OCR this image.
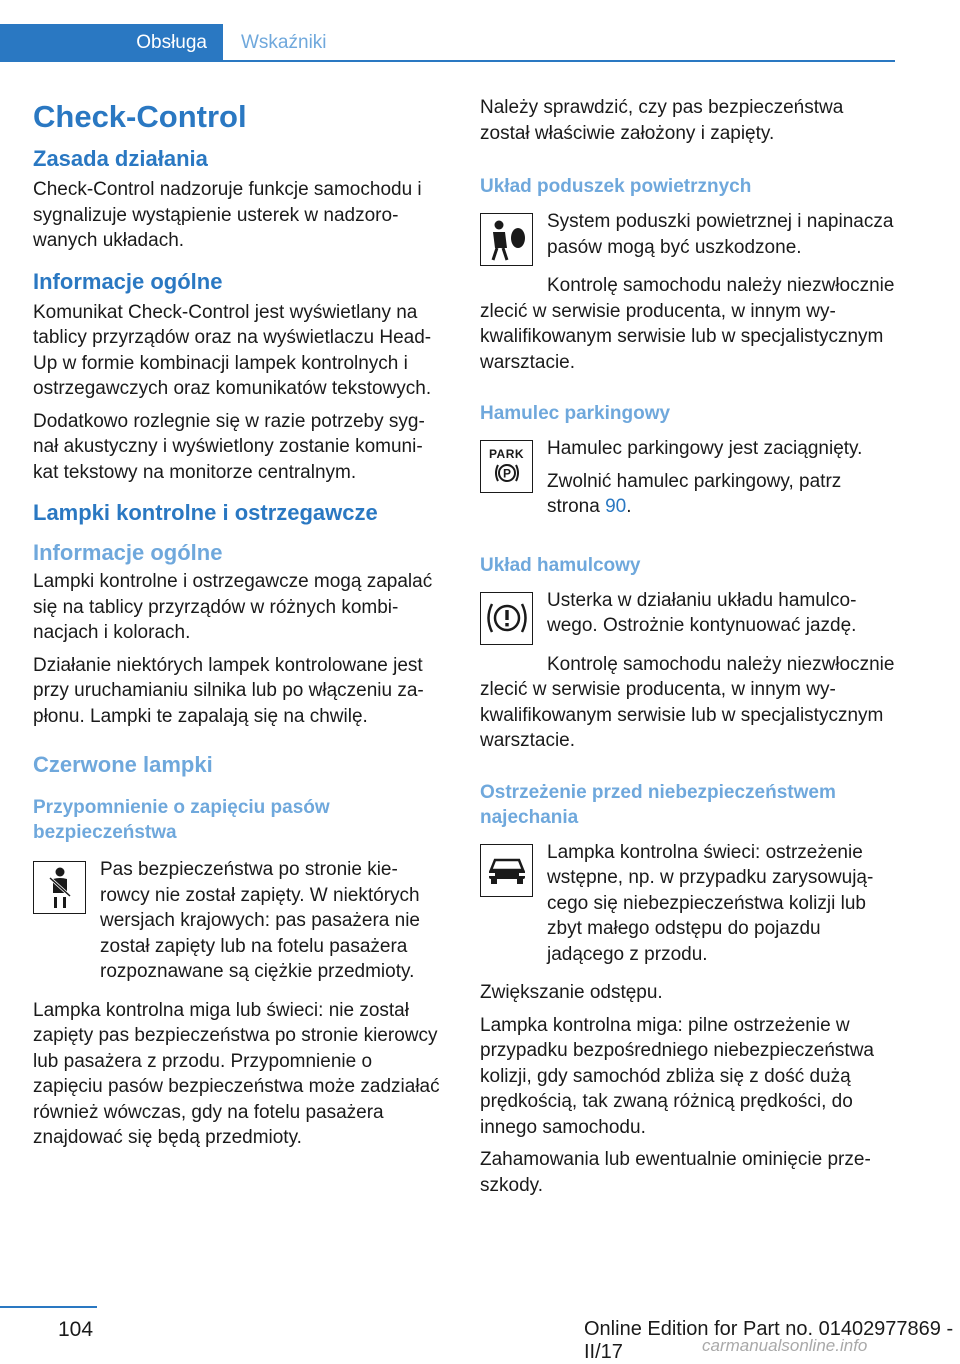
Obsługa	Wskaźniki
Check-Control
Zasada działania

Check-Control nadzoruje funkcje samochodu i sygnalizuje wystąpienie usterek w nadzorowanych układach.

Informacje ogólne

Komunikat Check-Control jest wyświetlany na tablicy przyrządów oraz na wyświetlaczu Head-Up w formie kombinacji lampek kontrolnych i ostrzegawczych oraz komunikatów tekstowych.

Dodatkowo rozlegnie się w razie potrzeby sygnał akustyczny i wyświetlony zostanie komunikat tekstowy na monitorze centralnym.

Lampki kontrolne i ostrzegawcze
Informacje ogólne

Lampki kontrolne i ostrzegawcze mogą zapalać się na tablicy przyrządów w różnych kombinacjach i kolorach.

Działanie niektórych lampek kontrolowane jest przy uruchamianiu silnika lub po włączeniu zapłonu. Lampki te zapalają się na chwilę.

Czerwone lampki
Przypomnienie o zapięciu pasów bezpieczeństwa

Pas bezpieczeństwa po stronie kierowcy nie został zapięty. W niektórych wersjach krajowych: pas pasażera nie został zapięty lub na fotelu pasażera rozpoznawane są ciężkie przedmioty.

Lampka kontrolna miga lub świeci: nie został zapięty pas bezpieczeństwa po stronie kierowcy lub pasażera z przodu. Przypomnienie o zapięciu pasów bezpieczeństwa może zadziałać również wówczas, gdy na fotelu pasażera znajdować się będą przedmioty.

Należy sprawdzić, czy pas bezpieczeństwa został właściwie założony i zapięty.

Układ poduszek powietrznych

System poduszki powietrznej i napinacza pasów mogą być uszkodzone.

Kontrolę samochodu należy niezwłocznie zlecić w serwisie producenta, w innym wykwalifikowanym serwisie lub w specjalistycznym warsztacie.

Hamulec parkingowy
PARK
P

Hamulec parkingowy jest zaciągnięty.

Zwolnić hamulec parkingowy, patrz strona 90.

Układ hamulcowy

Usterka w działaniu układu hamulcowego. Ostrożnie kontynuować jazdę.

Kontrolę samochodu należy niezwłocznie zlecić w serwisie producenta, w innym wykwalifikowanym serwisie lub w specjalistycznym warsztacie.

Ostrzeżenie przed niebezpieczeństwem najechania

Lampka kontrolna świeci: ostrzeżenie wstępne, np. w przypadku zarysowującego się niebezpieczeństwa kolizji lub zbyt małego odstępu do pojazdu jadącego z przodu.

Zwiększanie odstępu.

Lampka kontrolna miga: pilne ostrzeżenie w przypadku bezpośredniego niebezpieczeństwa kolizji, gdy samochód zbliża się z dość dużą prędkością, tak zwaną różnicą prędkości, do innego samochodu.

Zahamowania lub ewentualnie ominięcie przeszkody.

104	Online Edition for Part no. 01402977869 - II/17	carmanualsonline.info
